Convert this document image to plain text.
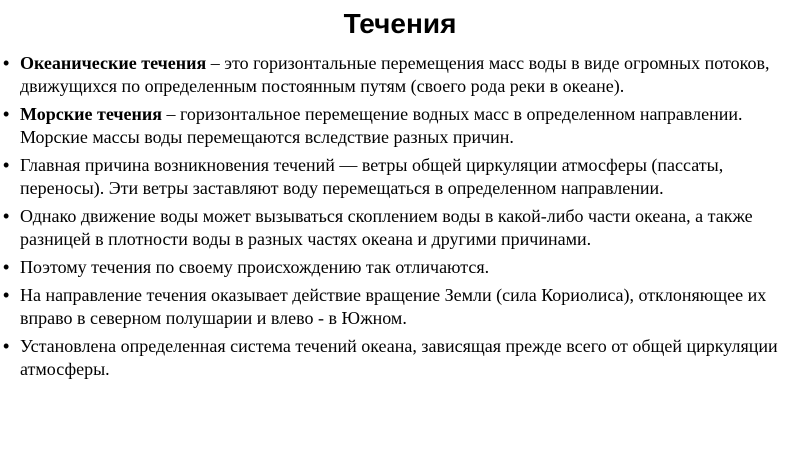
Течения
• Океанические течения – это горизонтальные перемещения масс воды в виде огромных потоков, движущихся по определенным постоянным путям (своего рода реки в океане).
• Морские течения – горизонтальное перемещение водных масс в определенном направлении. Морские массы воды перемещаются вследствие разных причин.
• Главная причина возникновения течений — ветры общей циркуляции атмосферы (пассаты, переносы). Эти ветры заставляют воду перемещаться в определенном направлении.
• Однако движение воды может вызываться скоплением воды в какой-либо части океана, а также разницей в плотности воды в разных частях океана и другими причинами.
• Поэтому течения по своему происхождению так отличаются.
• На направление течения оказывает действие вращение Земли (сила Кориолиса), отклоняющее их вправо в северном полушарии и влево - в Южном.
• Установлена определенная система течений океана, зависящая прежде всего от общей циркуляции атмосферы.
